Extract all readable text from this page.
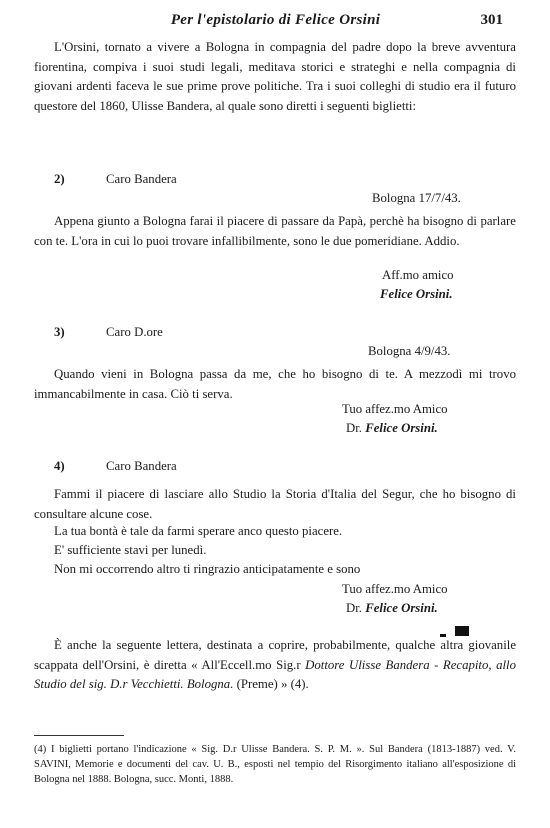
Per l'epistolario di Felice Orsini	301
L'Orsini, tornato a vivere a Bologna in compagnia del padre dopo la breve avventura fiorentina, compiva i suoi studi legali, meditava storici e strateghi e nella compagnia di giovani ardenti faceva le sue prime prove politiche. Tra i suoi colleghi di studio era il futuro questore del 1860, Ulisse Bandera, al quale sono diretti i seguenti biglietti:
2)	Caro Bandera
Bologna 17/7/43.
Appena giunto a Bologna farai il piacere di passare da Papà, perchè ha bisogno di parlare con te. L'ora in cui lo puoi trovare infallibilmente, sono le due pomeridiane. Addio.
Aff.mo amico
Felice Orsini.
3)	Caro D.ore
Bologna 4/9/43.
Quando vieni in Bologna passa da me, che ho bisogno di te. A mezzodì mi trovo immancabilmente in casa. Ciò ti serva.
Tuo affez.mo Amico
Dr. Felice Orsini.
4)	Caro Bandera
Fammi il piacere di lasciare allo Studio la Storia d'Italia del Segur, che ho bisogno di consultare alcune cose.
La tua bontà è tale da farmi sperare anco questo piacere.
E' sufficiente stavi per lunedì.
Non mi occorrendo altro ti ringrazio anticipatamente e sono
Tuo affez.mo Amico
Dr. Felice Orsini.
È anche la seguente lettera, destinata a coprire, probabilmente, qualche altra giovanile scappata dell'Orsini, è diretta « All'Eccell.mo Sig.r Dottore Ulisse Bandera - Recapito, allo Studio del sig. D.r Vecchietti. Bologna. (Preme) » (4).
(4) I biglietti portano l'indicazione « Sig. D.r Ulisse Bandera. S. P. M. ». Sul Bandera (1813-1887) ved. V. SAVINI, Memorie e documenti del cav. U. B., esposti nel tempio del Risorgimento italiano all'esposizione di Bologna nel 1888. Bologna, succ. Monti, 1888.
